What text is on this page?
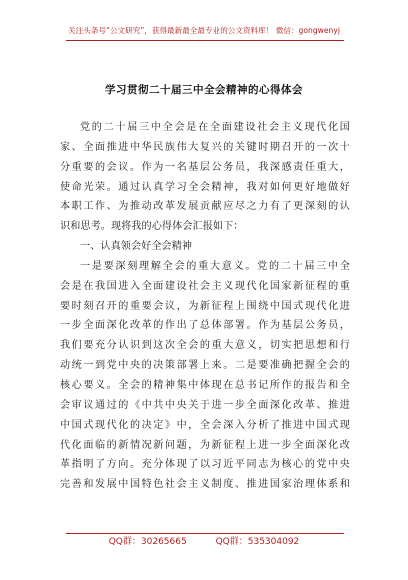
关注头条号“公文研究”，获得最新最全最专业的公文资料库！ 微信：gongwenyj
学习贯彻二十届三中全会精神的心得体会
党的二十届三中全会是在全面建设社会主义现代化国
家、全面推进中华民族伟大复兴的关键时期召开的一次十
分重要的会议。作为一名基层公务员，我深感责任重大，
使命光荣。通过认真学习全会精神，我对如何更好地做好
本职工作、为推动改革发展贡献应尽之力有了更深刻的认
识和思考。现将我的心得体会汇报如下：
一、认真领会好全会精神
一是要深刻理解全会的重大意义。党的二十届三中全
会是在我国进入全面建设社会主义现代化国家新征程的重
要时刻召开的重要会议，为新征程上围绕中国式现代化进
一步全面深化改革的作出了总体部署。作为基层公务员，
我们要充分认识到这次全会的重大意义，切实把思想和行
动统一到党中央的决策部署上来。二是要准确把握全会的
核心要义。全会的精神集中体现在总书记所作的报告和全
会审议通过的《中共中央关于进一步全面深化改革、推进
中国式现代化的决定》中，全会深入分析了推进中国式现
代化面临的新情况新问题，为新征程上进一步全面深化改
革指明了方向。充分体现了以习近平同志为核心的党中央
完善和发展中国特色社会主义制度、推进国家治理体系和
QQ群：30265665	QQ群：535304092
